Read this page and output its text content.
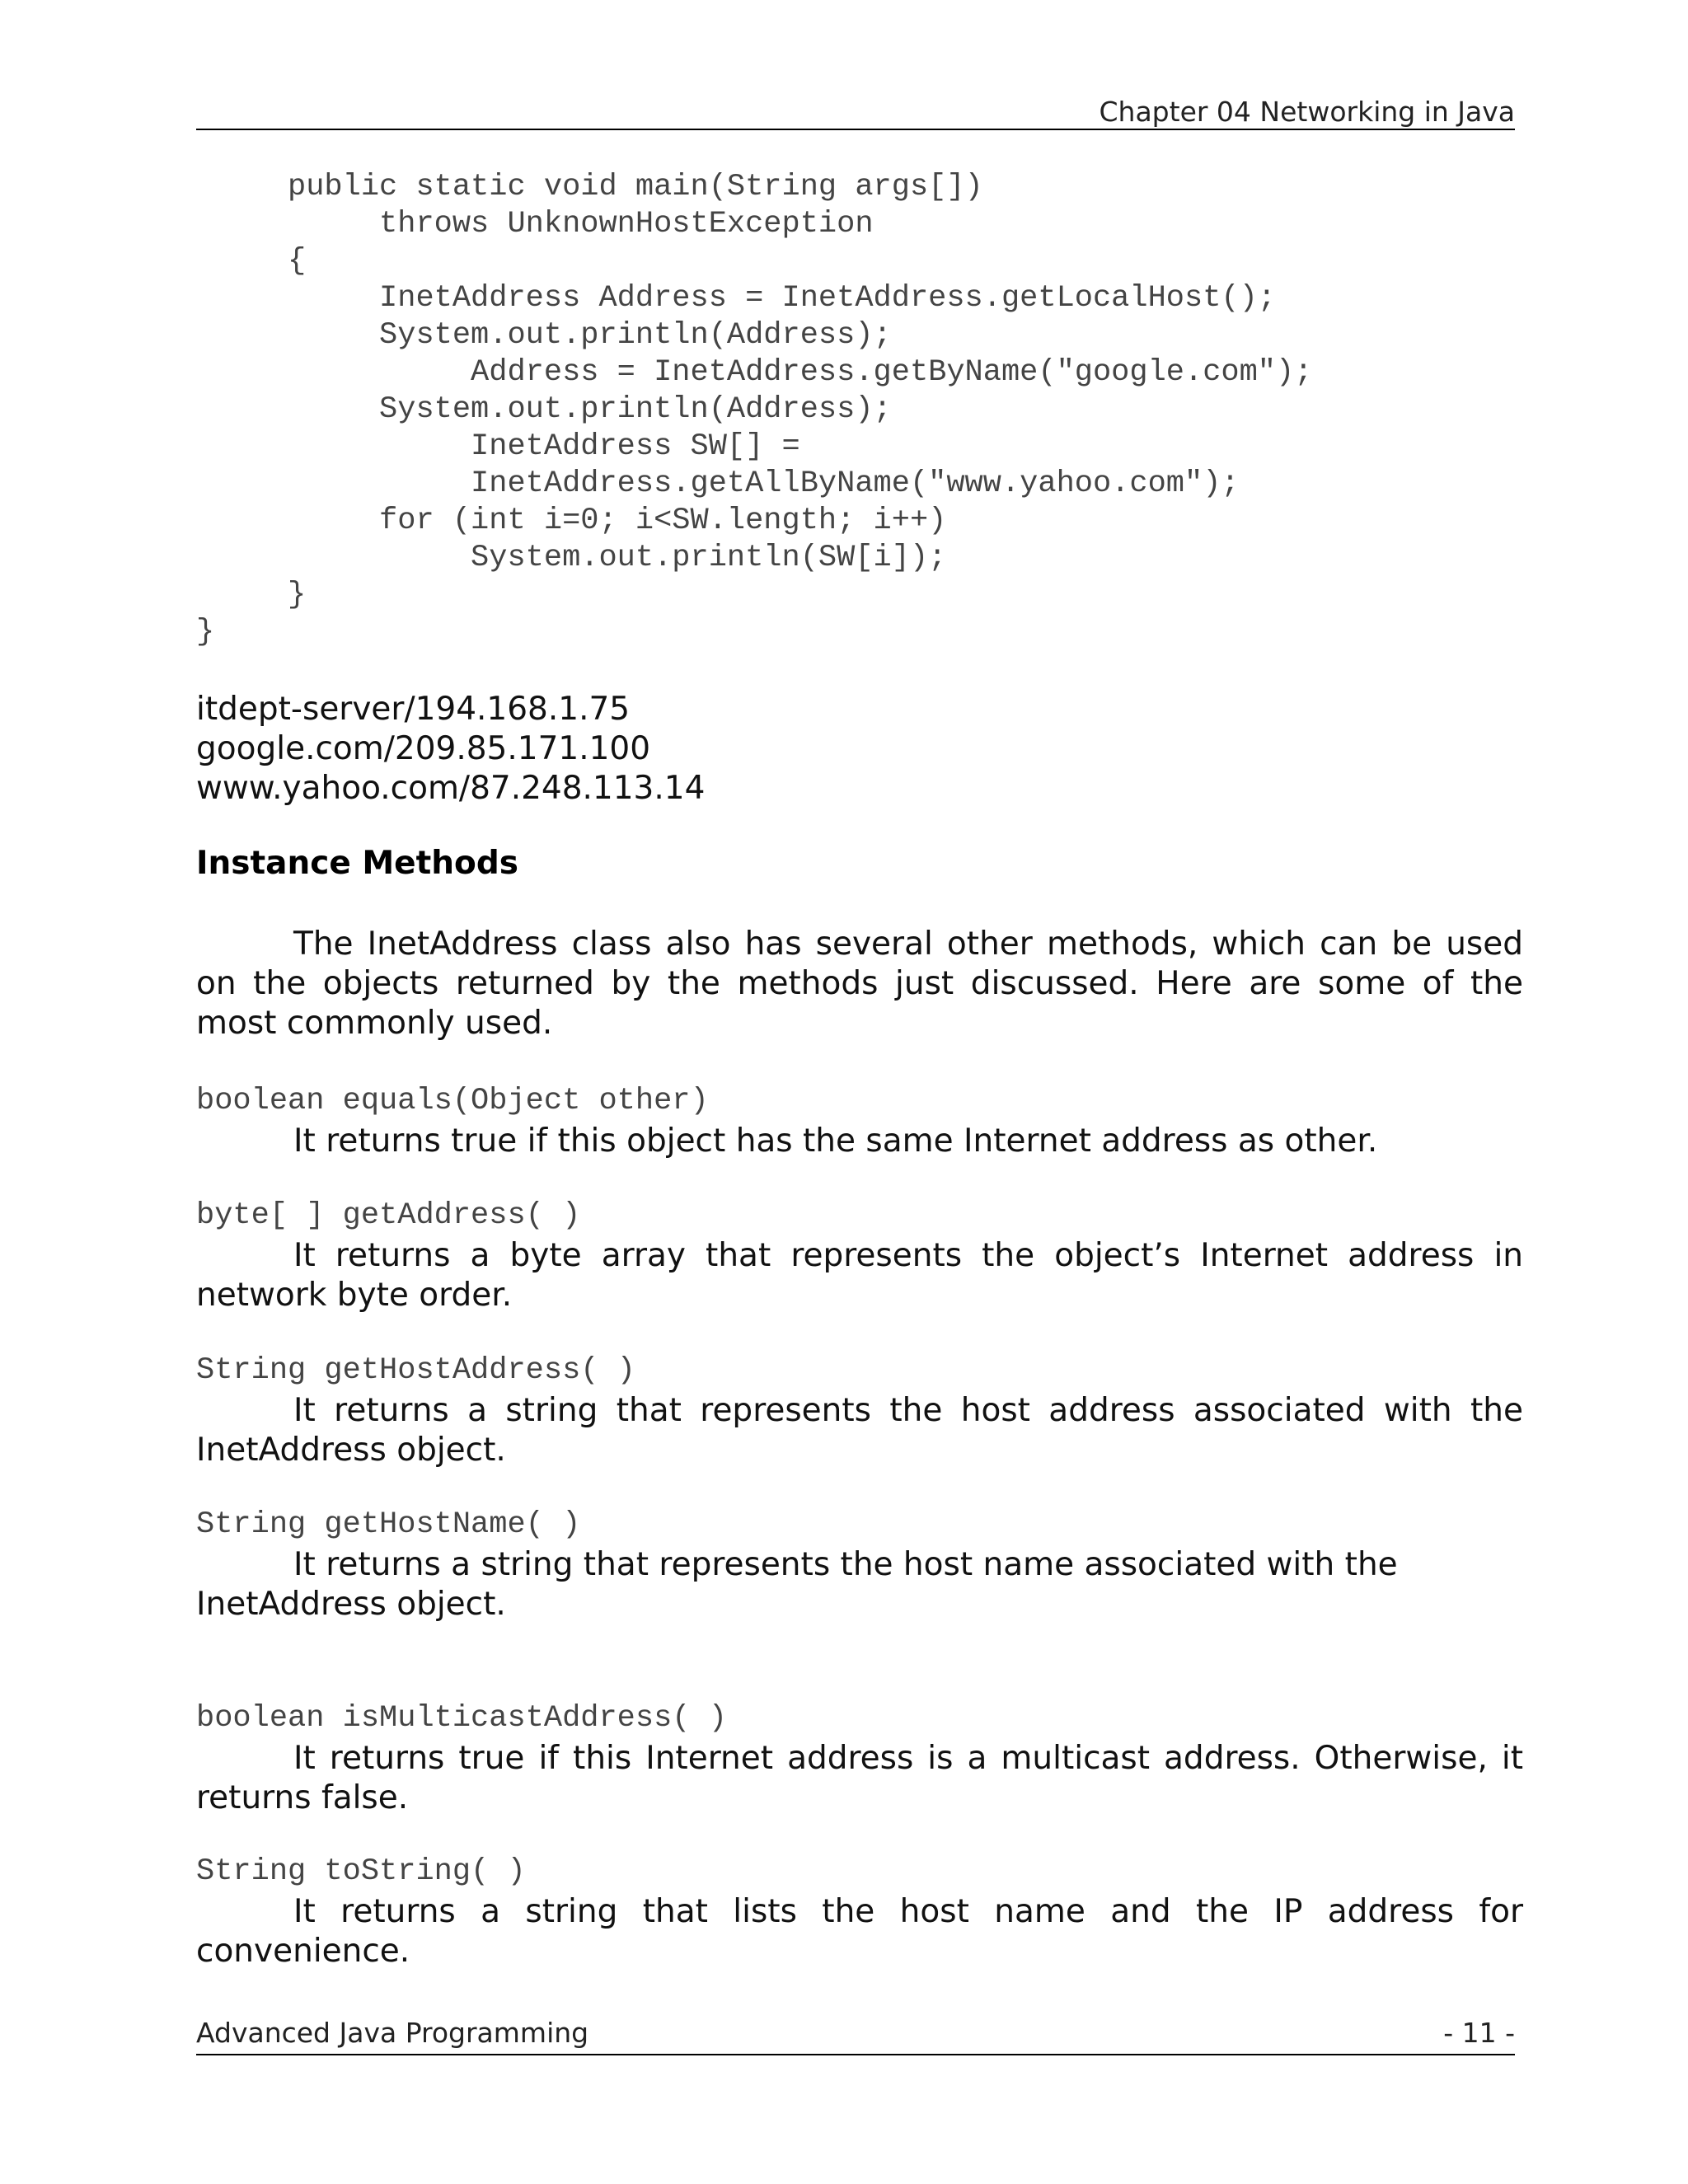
Chapter 04 Networking in Java
public static void main(String args[])
throws UnknownHostException
{
InetAddress Address = InetAddress.getLocalHost();
System.out.println(Address);
Address = InetAddress.getByName("google.com");
System.out.println(Address);
InetAddress SW[] =
InetAddress.getAllByName("www.yahoo.com");
for (int i=0; i<SW.length; i++)
System.out.println(SW[i]);
}
}
itdept-server/194.168.1.75
google.com/209.85.171.100
www.yahoo.com/87.248.113.14
Instance Methods

The InetAddress class also has several other methods, which can be used on the objects returned by the methods just discussed. Here are some of the most commonly used.

boolean equals(Object other)

It returns true if this object has the same Internet address as other.

byte[ ] getAddress( )

It returns a byte array that represents the object’s Internet address in network byte order.

String getHostAddress( )

It returns a string that represents the host address associated with the InetAddress object.

String getHostName( )

It returns a string that represents the host name associated with the

InetAddress object.

boolean isMulticastAddress( )

It returns true if this Internet address is a multicast address. Otherwise, it returns false.

String toString( )

It returns a string that lists the host name and the IP address for convenience.

Advanced Java Programming	- 11 -
